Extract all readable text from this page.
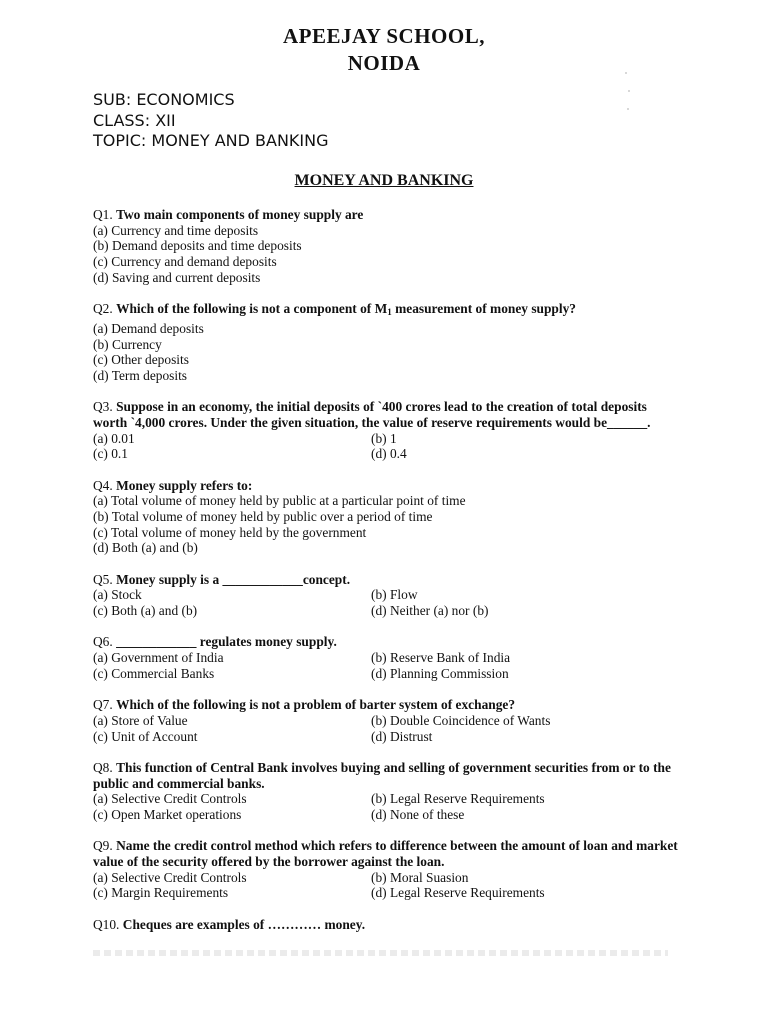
APEEJAY SCHOOL,
NOIDA
SUB: ECONOMICS
CLASS: XII
TOPIC: MONEY AND BANKING
MONEY AND BANKING
Q1. Two main components of money supply are
(a) Currency and time deposits
(b) Demand deposits and time deposits
(c) Currency and demand deposits
(d) Saving and current deposits
Q2. Which of the following is not a component of $M_1$ measurement of money supply?
(a) Demand deposits
(b) Currency
(c) Other deposits
(d) Term deposits
Q3. Suppose in an economy, the initial deposits of `400 crores lead to the creation of total deposits worth `4,000 crores. Under the given situation, the value of reserve requirements would be______.
(a) 0.01	(b) 1
(c) 0.1	(d) 0.4
Q4. Money supply refers to:
(a) Total volume of money held by public at a particular point of time
(b) Total volume of money held by public over a period of time
(c) Total volume of money held by the government
(d) Both (a) and (b)
Q5. Money supply is a ____________concept.
(a) Stock	(b) Flow
(c) Both (a) and (b)	(d) Neither (a) nor (b)
Q6. ____________ regulates money supply.
(a) Government of India	(b) Reserve Bank of India
(c) Commercial Banks	(d) Planning Commission
Q7. Which of the following is not a problem of barter system of exchange?
(a) Store of Value	(b) Double Coincidence of Wants
(c) Unit of Account	(d) Distrust
Q8. This function of Central Bank involves buying and selling of government securities from or to the public and commercial banks.
(a) Selective Credit Controls	(b) Legal Reserve Requirements
(c) Open Market operations	(d) None of these
Q9. Name the credit control method which refers to difference between the amount of loan and market value of the security offered by the borrower against the loan.
(a) Selective Credit Controls	(b) Moral Suasion
(c) Margin Requirements	(d) Legal Reserve Requirements
Q10. Cheques are examples of ………… money.
